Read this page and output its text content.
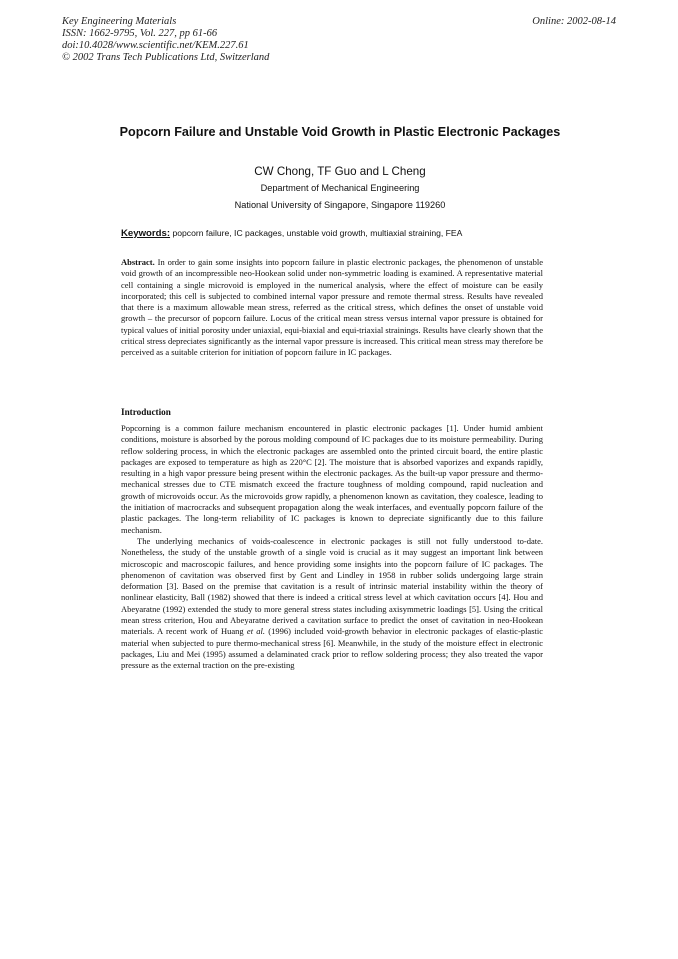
Key Engineering Materials
ISSN: 1662-9795, Vol. 227, pp 61-66
doi:10.4028/www.scientific.net/KEM.227.61
© 2002 Trans Tech Publications Ltd, Switzerland
Online: 2002-08-14
Popcorn Failure and Unstable Void Growth in Plastic Electronic Packages
CW Chong, TF Guo and L Cheng
Department of Mechanical Engineering
National University of Singapore, Singapore 119260
Keywords: popcorn failure, IC packages, unstable void growth, multiaxial straining, FEA
Abstract. In order to gain some insights into popcorn failure in plastic electronic packages, the phenomenon of unstable void growth of an incompressible neo-Hookean solid under non-symmetric loading is examined. A representative material cell containing a single microvoid is employed in the numerical analysis, where the effect of moisture can be easily incorporated; this cell is subjected to combined internal vapor pressure and remote thermal stress. Results have revealed that there is a maximum allowable mean stress, referred as the critical stress, which defines the onset of unstable void growth – the precursor of popcorn failure. Locus of the critical mean stress versus internal vapor pressure is obtained for typical values of initial porosity under uniaxial, equi-biaxial and equi-triaxial strainings. Results have clearly shown that the critical stress depreciates significantly as the internal vapor pressure is increased. This critical mean stress may therefore be perceived as a suitable criterion for initiation of popcorn failure in IC packages.
Introduction

Popcorning is a common failure mechanism encountered in plastic electronic packages [1]. Under humid ambient conditions, moisture is absorbed by the porous molding compound of IC packages due to its moisture permeability. During reflow soldering process, in which the electronic packages are assembled onto the printed circuit board, the entire plastic packages are exposed to temperature as high as 220°C [2]. The moisture that is absorbed vaporizes and expands rapidly, resulting in a high vapor pressure being present within the electronic packages. As the built-up vapor pressure and thermo-mechanical stresses due to CTE mismatch exceed the fracture toughness of molding compound, rapid nucleation and growth of microvoids occur. As the microvoids grow rapidly, a phenomenon known as cavitation, they coalesce, leading to the initiation of macrocracks and subsequent propagation along the weak interfaces, and eventually popcorn failure of the plastic packages. The long-term reliability of IC packages is known to depreciate significantly due to this failure mechanism.

The underlying mechanics of voids-coalescence in electronic packages is still not fully understood to-date. Nonetheless, the study of the unstable growth of a single void is crucial as it may suggest an important link between microscopic and macroscopic failures, and hence providing some insights into the popcorn failure of IC packages. The phenomenon of cavitation was observed first by Gent and Lindley in 1958 in rubber solids undergoing large strain deformation [3]. Based on the premise that cavitation is a result of intrinsic material instability within the theory of nonlinear elasticity, Ball (1982) showed that there is indeed a critical stress level at which cavitation occurs [4]. Hou and Abeyaratne (1992) extended the study to more general stress states including axisymmetric loadings [5]. Using the critical mean stress criterion, Hou and Abeyaratne derived a cavitation surface to predict the onset of cavitation in neo-Hookean materials. A recent work of Huang et al. (1996) included void-growth behavior in electronic packages of elastic-plastic material when subjected to pure thermo-mechanical stress [6]. Meanwhile, in the study of the moisture effect in electronic packages, Liu and Mei (1995) assumed a delaminated crack prior to reflow soldering process; they also treated the vapor pressure as the external traction on the pre-existing
